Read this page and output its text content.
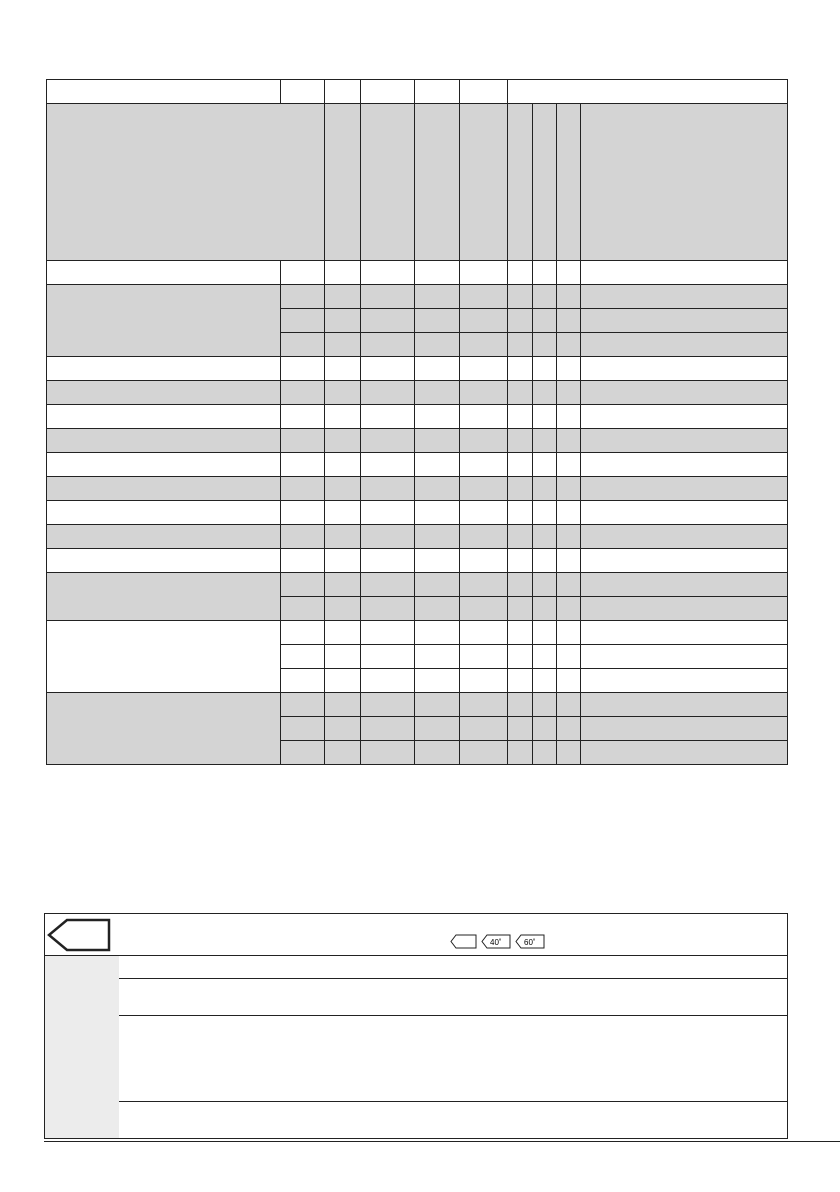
40˚	60˚
